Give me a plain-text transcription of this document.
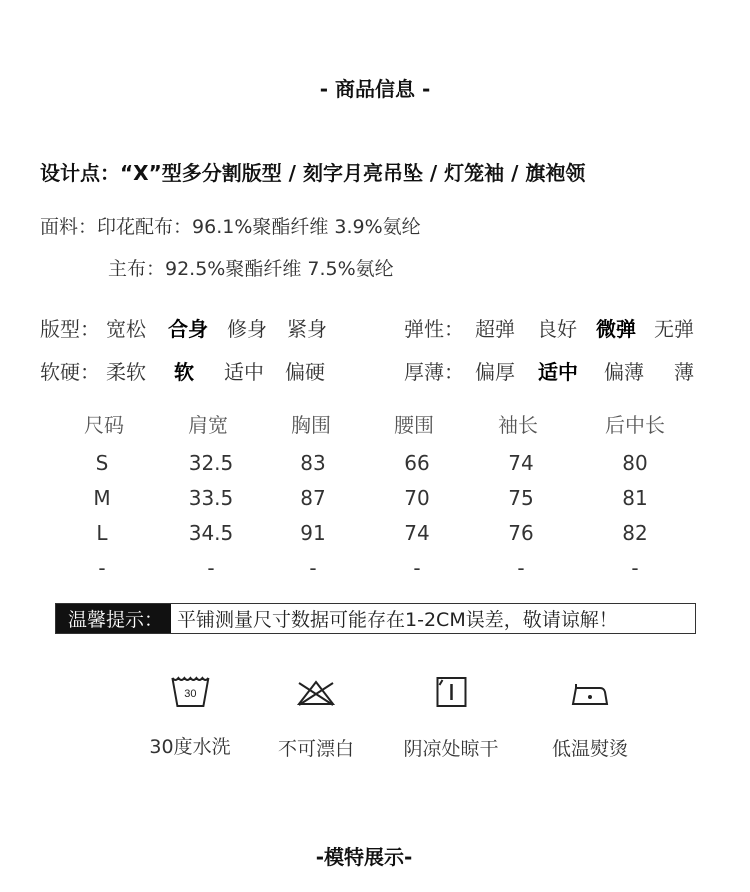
- 商品信息 -
设计点：“X”型多分割版型 / 刻字月亮吊坠 / 灯笼袖 / 旗袍领
面料：印花配布：96.1%聚酯纤维 3.9%氨纶
主布：92.5%聚酯纤维 7.5%氨纶
版型： 宽松 合身 修身 紧身	弹性： 超弹 良好 微弹 无弹
软硬： 柔软 软 适中 偏硬	厚薄： 偏厚 适中 偏薄 薄
尺码	肩宽	胸围	腰围	袖长	后中长
S	32.5	83	66	74	80
M	33.5	87	70	75	81
L	34.5	91	74	76	82
-	-	-	-	-	-
温馨提示： 平铺测量尺寸数据可能存在1-2CM误差，敬请谅解！
30
30度水洗 不可漂白	阴凉处晾干	低温熨烫
-模特展示-
